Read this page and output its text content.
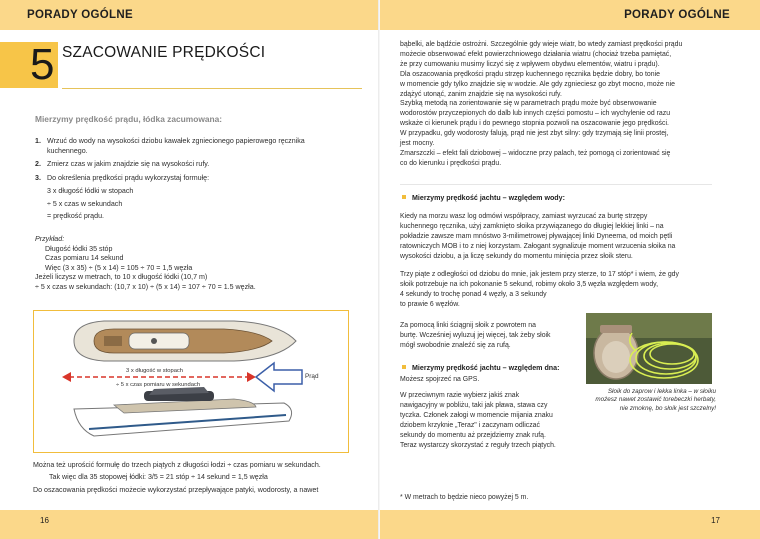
PORADY OGÓLNE
5 SZACOWANIE PRĘDKOŚCI
Mierzymy prędkość prądu, łódka zacumowana:
1. Wrzuć do wody na wysokości dziobu kawałek zgniecionego papierowego ręcznika
kuchennego.
2. Zmierz czas w jakim znajdzie się na wysokości rufy.
3. Do określenia prędkości prądu wykorzystaj formułę:
3 x długość łódki w stopach
÷ 5 x czas w sekundach
= prędkość prądu.
Przykład:
Długość łódki 35 stóp
Czas pomiaru 14 sekund
Więc (3 x 35) ÷ (5 x 14) = 105 ÷ 70 = 1,5 węzła
Jeżeli liczysz w metrach, to 10 x długość łódki (10,7 m)
÷ 5 x czas w sekundach: (10,7 x 10) ÷ (5 x 14) = 107 ÷ 70 = 1.5 węzła.
3 x długość w stopach
÷ 5 x czas pomiaru w sekundach
Prąd
Można też uprościć formułę do trzech piątych z długości łodzi ÷ czas pomiaru w sekundach.
Tak więc dla 35 stopowej łódki: 3/5 = 21 stóp ÷ 14 sekund = 1,5 węzła
Do oszacowania prędkości możecie wykorzystać przepływające patyki, wodorosty, a nawet
16
PORADY OGÓLNE
bąbelki, ale bądźcie ostrożni. Szczególnie gdy wieje wiatr, bo wtedy zamiast prędkości prądu
możecie obserwować efekt powierzchniowego działania wiatru (chociaż trzeba pamiętać,
że przy cumowaniu musimy liczyć się z wpływem obydwu elementów, wiatru i prądu).
Dla oszacowania prędkości prądu strzęp kuchennego ręcznika będzie dobry, bo tonie
w momencie gdy tylko znajdzie się w wodzie. Ale gdy zgnieciesz go zbyt mocno, może nie
zdążyć utonąć, zanim znajdzie się na wysokości rufy.
Szybką metodą na zorientowanie się w parametrach prądu może być obserwowanie
wodorostów przyczepionych do dalb lub innych części pomostu – ich wychylenie od razu
wskaże ci kierunek prądu i do pewnego stopnia pozwoli na oszacowanie jego prędkości.
W przypadku, gdy wodorosty falują, prąd nie jest zbyt silny: gdy trzymają się linii prostej,
jest mocny.
Zmarszczki – efekt fali dziobowej – widoczne przy palach, też pomogą ci zorientować się
co do kierunku i prędkości prądu.
Mierzymy prędkość jachtu – względem wody:
Kiedy na morzu wasz log odmówi współpracy, zamiast wyrzucać za burtę strzępy
kuchennego ręcznika, użyj zamknięto słoika przywiązanego do długiej lekkiej linki – na
pokładzie zawsze mam mnóstwo 3-milimetrowej pływającej linki Dyneema, od moich pętli
ratowniczych MOB i to z niej korzystam. Załogant sygnalizuje moment wrzucenia słoika na
wysokości dziobu, a ja liczę sekundy do momentu minięcia przez słoik steru.
Trzy piąte z odległości od dziobu do mnie, jak jestem przy sterze, to 17 stóp* i wiem, że gdy
słoik potrzebuje na ich pokonanie 5 sekund, robimy około 3,5 węzła względem wody,
4 sekundy to trochę ponad 4 węzły, a 3 sekundy
to prawie 6 węzłów.
Za pomocą linki ściągnij słoik z powrotem na
burtę. Wcześniej wyluzuj jej więcej, tak żeby słoik
mógł swobodnie znaleźć się za rufą.
Mierzymy prędkość jachtu – względem dna:
Możesz spojrzeć na GPS.
W przeciwnym razie wybierz jakiś znak
nawigacyjny w pobliżu, taki jak pława, stawa czy
tyczka. Członek załogi w momencie mijania znaku
dziobem krzyknie „Teraz" i zaczynam odliczać
sekundy do momentu aż przejdziemy znak rufą.
Teraz wystarczy skorzystać z reguły trzech piątych.
Słoik do zaprow i lekka linka – w słoiku
możesz nawet zostawić torebeczki herbaty,
nie zmoknę, bo słoik jest szczelny!
* W metrach to będzie nieco powyżej 5 m.
17
